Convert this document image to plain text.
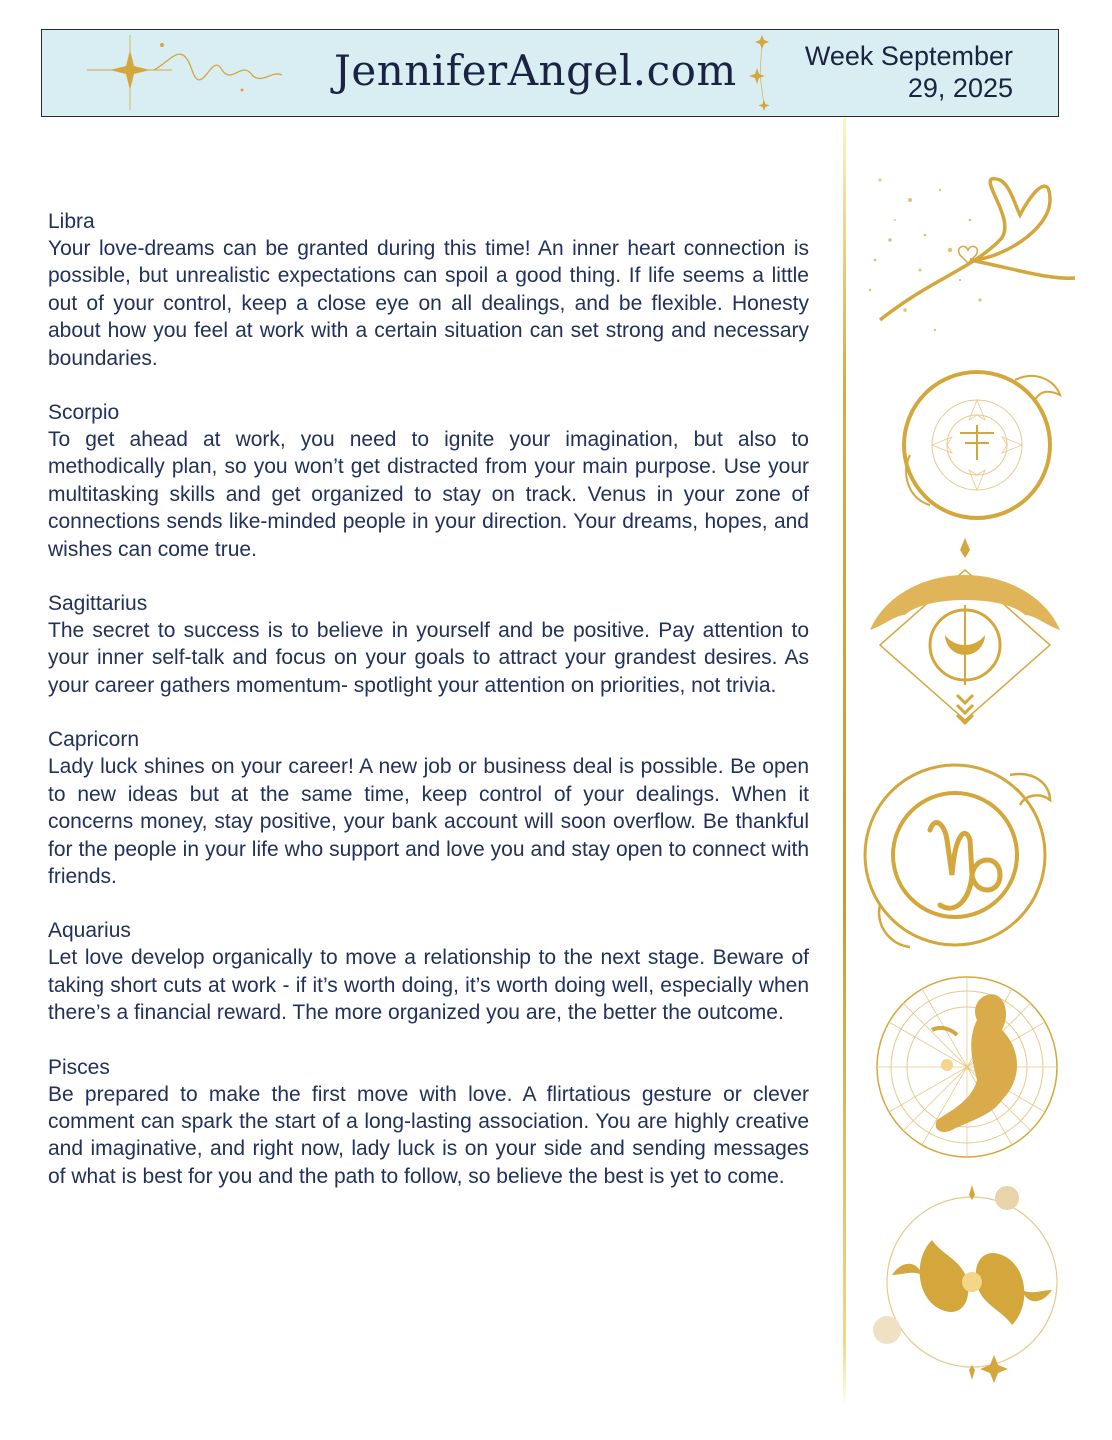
JenniferAngel.com	Week September
29, 2025
Libra
Your love-dreams can be granted during this time! An inner heart connection is possible, but unrealistic expectations can spoil a good thing. If life seems a little out of your control, keep a close eye on all dealings, and be flexible. Honesty about how you feel at work with a certain situation can set strong and necessary boundaries.
Scorpio
To get ahead at work, you need to ignite your imagination, but also to methodically plan, so you won’t get distracted from your main purpose. Use your multitasking skills and get organized to stay on track. Venus in your zone of connections sends like-minded people in your direction. Your dreams, hopes, and wishes can come true.
Sagittarius
The secret to success is to believe in yourself and be positive. Pay attention to your inner self-talk and focus on your goals to attract your grandest desires. As your career gathers momentum- spotlight your attention on priorities, not trivia.
Capricorn
Lady luck shines on your career! A new job or business deal is possible. Be open to new ideas but at the same time, keep control of your dealings. When it concerns money, stay positive, your bank account will soon overflow. Be thankful for the people in your life who support and love you and stay open to connect with friends.
Aquarius
Let love develop organically to move a relationship to the next stage. Beware of taking short cuts at work - if it’s worth doing, it’s worth doing well, especially when there’s a financial reward. The more organized you are, the better the outcome.
Pisces
Be prepared to make the first move with love. A flirtatious gesture or clever comment can spark the start of a long-lasting association. You are highly creative and imaginative, and right now, lady luck is on your side and sending messages of what is best for you and the path to follow, so believe the best is yet to come.
